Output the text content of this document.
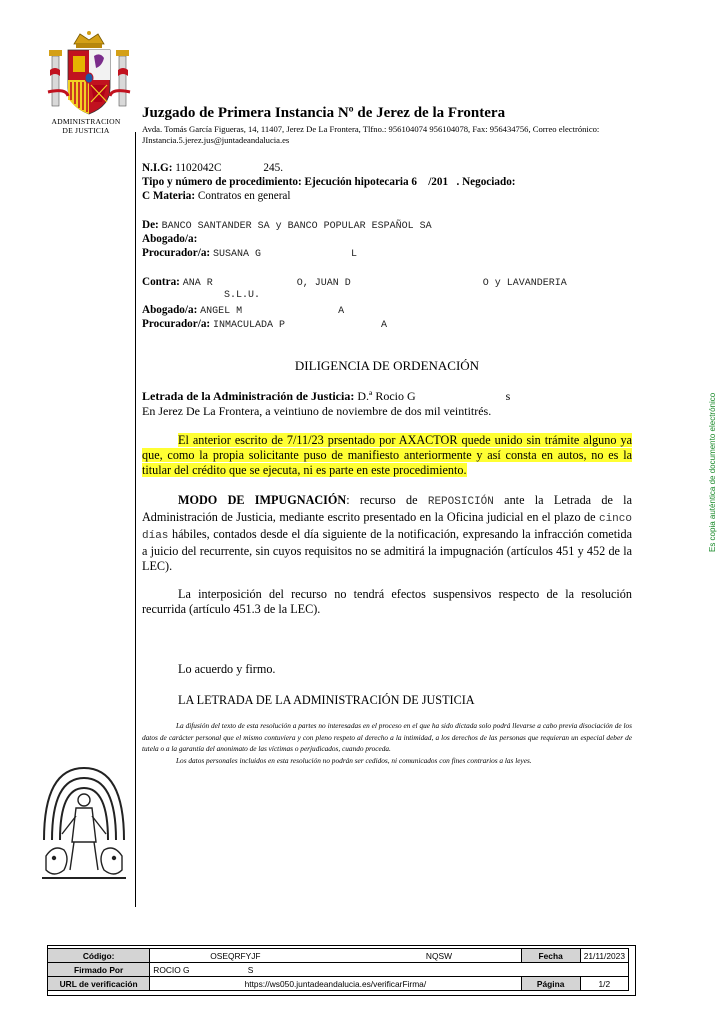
ADMINISTRACION
DE JUSTICIA
Juzgado de Primera Instancia Nº de Jerez de la Frontera
Avda. Tomás García Figueras, 14, 11407, Jerez De La Frontera, Tlfno.: 956104074 956104078, Fax: 956434756, Correo electrónico: JInstancia.5.jerez.jus@juntadeandalucia.es
N.I.G: 1102042C               245.
Tipo y número de procedimiento: Ejecución hipotecaria 6    /201   . Negociado:
C Materia: Contratos en general
De: BANCO SANTANDER SA y BANCO POPULAR ESPAÑOL SA
Abogado/a:
Procurador/a: SUSANA G               L
Contra: ANA R              O, JUAN D                      O y LAVANDERIA
S.L.U.
Abogado/a: ANGEL M                A
Procurador/a: INMACULADA P                A
DILIGENCIA DE ORDENACIÓN
Letrada de la Administración de Justicia: D.ª Rocio G                              s
En Jerez De La Frontera, a veintiuno de noviembre de dos mil veintitrés.
El anterior escrito de 7/11/23 prsentado por AXACTOR quede unido sin trámite alguno ya que, como la propia solicitante puso de manifiesto anteriormente y así consta en autos, no es la titular del crédito que se ejecuta, ni es parte en este procedimiento.
MODO DE IMPUGNACIÓN: recurso de REPOSICIÓN ante la Letrada de la Administración de Justicia, mediante escrito presentado en la Oficina judicial en el plazo de cinco días hábiles, contados desde el día siguiente de la notificación, expresando la infracción cometida a juicio del recurrente, sin cuyos requisitos no se admitirá la impugnación (artículos 451 y 452 de la LEC).
La interposición del recurso no tendrá efectos suspensivos respecto de la resolución recurrida (artículo 451.3 de la LEC).
Lo acuerdo y firmo.
LA LETRADA DE LA ADMINISTRACIÓN DE JUSTICIA
La difusión del texto de esta resolución a partes no interesadas en el proceso en el que ha sido dictada solo podrá llevarse a cabo previa disociación de los datos de carácter personal que el mismo contuviera y con pleno respeto al derecho a la intimidad, a los derechos de las personas que requieran un especial deber de tutela o a la garantía del anonimato de las víctimas o perjudicados, cuando proceda.
Los datos personales incluidos en esta resolución no podrán ser cedidos, ni comunicados con fines contrarios a las leyes.
Es copia auténtica de documento electrónico
Código:	OSEQRFYJF	NQSW	Fecha	21/11/2023
Firmado Por	ROCIO G                         S			
URL de verificación	https://ws050.juntadeandalucia.es/verificarFirma/		Página	1/2
